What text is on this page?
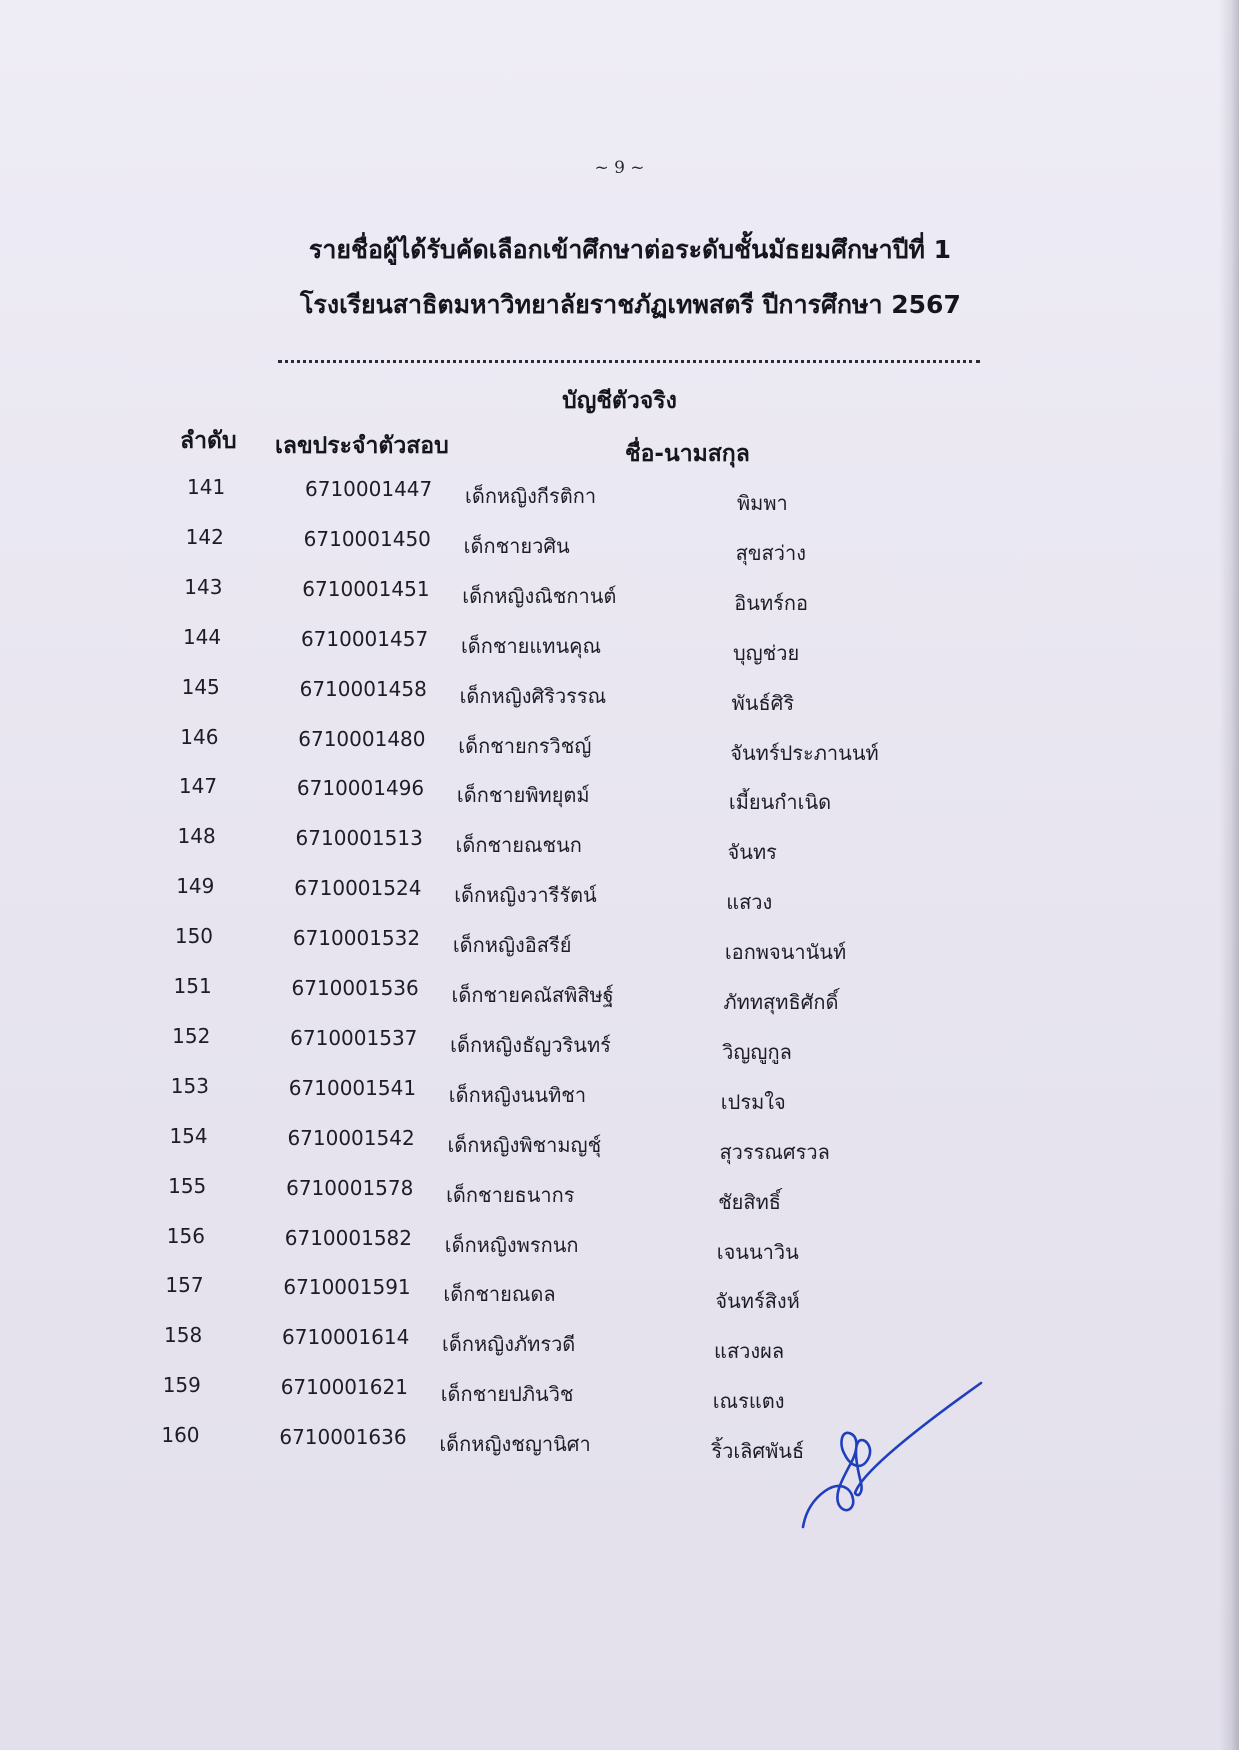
~ 9 ~
รายชื่อผู้ได้รับคัดเลือกเข้าศึกษาต่อระดับชั้นมัธยมศึกษาปีที่ 1
โรงเรียนสาธิตมหาวิทยาลัยราชภัฏเทพสตรี ปีการศึกษา 2567
บัญชีตัวจริง
ลำดับ เลขประจำตัวสอบ	ชื่อ-นามสกุล
141	6710001447 เด็กหญิงกีรติกา	พิมพา
142	6710001450 เด็กชายวศิน	สุขสว่าง
143	6710001451 เด็กหญิงณิชกานต์	อินทร์กอ
144	6710001457 เด็กชายแทนคุณ	บุญช่วย
145	6710001458 เด็กหญิงศิริวรรณ	พันธ์ศิริ
146	6710001480 เด็กชายกรวิชญ์	จันทร์ประภานนท์
147	6710001496 เด็กชายพิทยุตม์	เมี้ยนกำเนิด
148	6710001513 เด็กชายณชนก	จันทร
149	6710001524 เด็กหญิงวารีรัตน์	แสวง
150	6710001532 เด็กหญิงอิสรีย์	เอกพจนานันท์
151	6710001536 เด็กชายคณัสพิสิษฐ์	ภัททสุทธิศักดิ์
152	6710001537 เด็กหญิงธัญวรินทร์	วิญญูกูล
153	6710001541 เด็กหญิงนนทิชา	เปรมใจ
154	6710001542 เด็กหญิงพิชามญชุ์	สุวรรณศรวล
155	6710001578 เด็กชายธนากร	ชัยสิทธิ์
156	6710001582 เด็กหญิงพรกนก	เจนนาวิน
157	6710001591 เด็กชายณดล	จันทร์สิงห์
158	6710001614 เด็กหญิงภัทรวดี	แสวงผล
159	6710001621 เด็กชายปภินวิช	เณรแตง
160	6710001636 เด็กหญิงชญานิศา	ริ้วเลิศพันธ์
